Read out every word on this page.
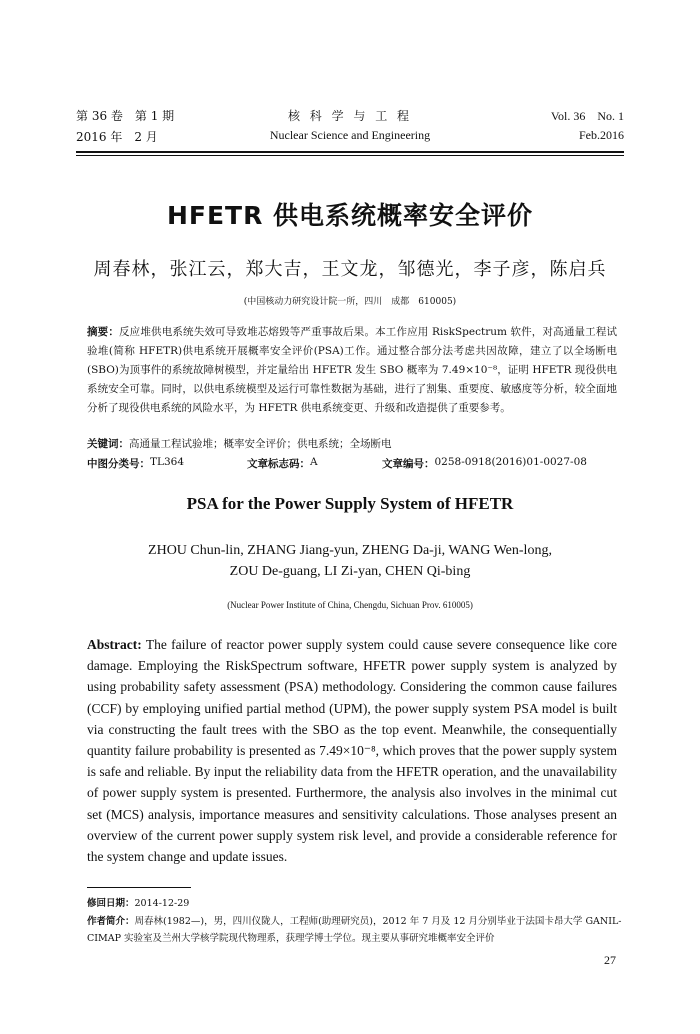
第 36 卷　第 1 期
2016 年　2 月
核 科 学 与 工 程
Nuclear Science and Engineering
Vol. 36　No. 1
Feb.2016
HFETR 供电系统概率安全评价
周春林，张江云，郑大吉，王文龙，邹德光，李子彦，陈启兵
(中国核动力研究设计院一所，四川　成都　610005)
摘要：反应堆供电系统失效可导致堆芯熔毁等严重事故后果。本工作应用 RiskSpectrum 软件，对高通量工程试验堆(简称 HFETR)供电系统开展概率安全评价(PSA)工作。通过整合部分法考虑共因故障，建立了以全场断电(SBO)为顶事件的系统故障树模型，并定量给出 HFETR 发生 SBO 概率为 7.49×10⁻⁸，证明 HFETR 现役供电系统安全可靠。同时，以供电系统模型及运行可靠性数据为基础，进行了割集、重要度、敏感度等分析，较全面地分析了现役供电系统的风险水平，为 HFETR 供电系统变更、升级和改造提供了重要参考。
关键词：高通量工程试验堆；概率安全评价；供电系统；全场断电
中图分类号： TL364	文章标志码： A	文章编号： 0258-0918(2016)01-0027-08
PSA for the Power Supply System of HFETR
ZHOU Chun-lin, ZHANG Jiang-yun, ZHENG Da-ji, WANG Wen-long,
ZOU De-guang, LI Zi-yan, CHEN Qi-bing
(Nuclear Power Institute of China, Chengdu, Sichuan Prov. 610005)
Abstract: The failure of reactor power supply system could cause severe consequence like core damage. Employing the RiskSpectrum software, HFETR power supply system is analyzed by using probability safety assessment (PSA) methodology. Considering the common cause failures (CCF) by employing unified partial method (UPM), the power supply system PSA model is built via constructing the fault trees with the SBO as the top event. Meanwhile, the consequentially quantity failure probability is presented as 7.49×10⁻⁸, which proves that the power supply system is safe and reliable. By input the reliability data from the HFETR operation, and the unavailability of power supply system is presented. Furthermore, the analysis also involves in the minimal cut set (MCS) analysis, importance measures and sensitivity calculations. Those analyses present an overview of the current power supply system risk level, and provide a considerable reference for the system change and update issues.
修回日期：2014-12-29
作者简介：周春林(1982—)，男，四川仪陇人，工程师(助理研究员)，2012 年 7 月及 12 月分别毕业于法国卡昂大学 GANIL-CIMAP 实验室及兰州大学核学院现代物理系，获理学博士学位。现主要从事研究堆概率安全评价
27
